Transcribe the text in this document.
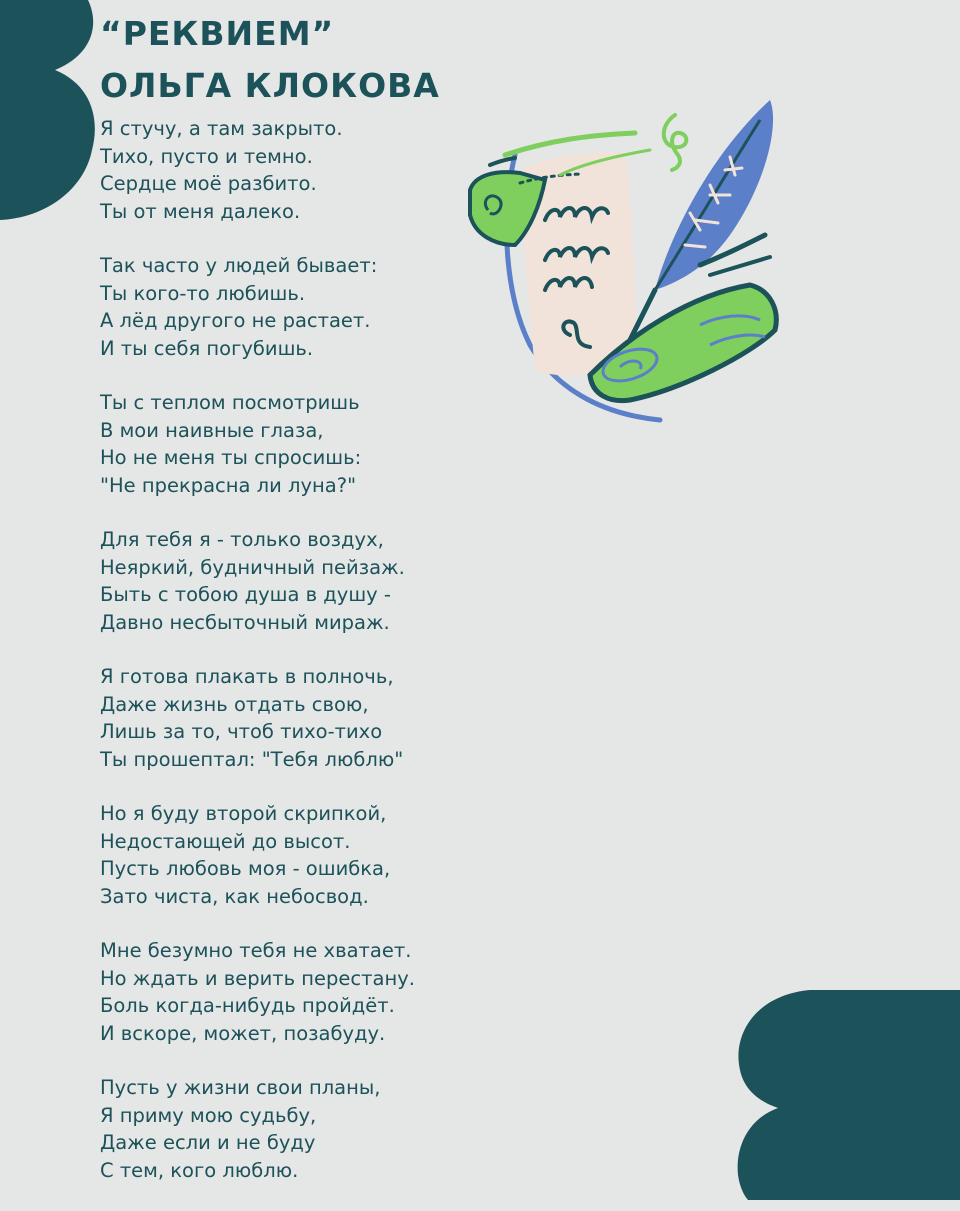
“РЕКВИЕМ”
ОЛЬГА КЛОКОВА
Я стучу, а там закрыто.
Тихо, пусто и темно.
Сердце моё разбито.
Ты от меня далеко.
Так часто у людей бывает:
Ты кого-то любишь.
А лёд другого не растает.
И ты себя погубишь.
Ты с теплом посмотришь
В мои наивные глаза,
Но не меня ты спросишь:
"Не прекрасна ли луна?"
Для тебя я - только воздух,
Неяркий, будничный пейзаж.
Быть с тобою душа в душу -
Давно несбыточный мираж.
Я готова плакать в полночь,
Даже жизнь отдать свою,
Лишь за то, чтоб тихо-тихо
Ты прошептал: "Тебя люблю"
Но я буду второй скрипкой,
Недостающей до высот.
Пусть любовь моя - ошибка,
Зато чиста, как небосвод.
Мне безумно тебя не хватает.
Но ждать и верить перестану.
Боль когда-нибудь пройдёт.
И вскоре, может, позабуду.
Пусть у жизни свои планы,
Я приму мою судьбу,
Даже если и не буду
С тем, кого люблю.
